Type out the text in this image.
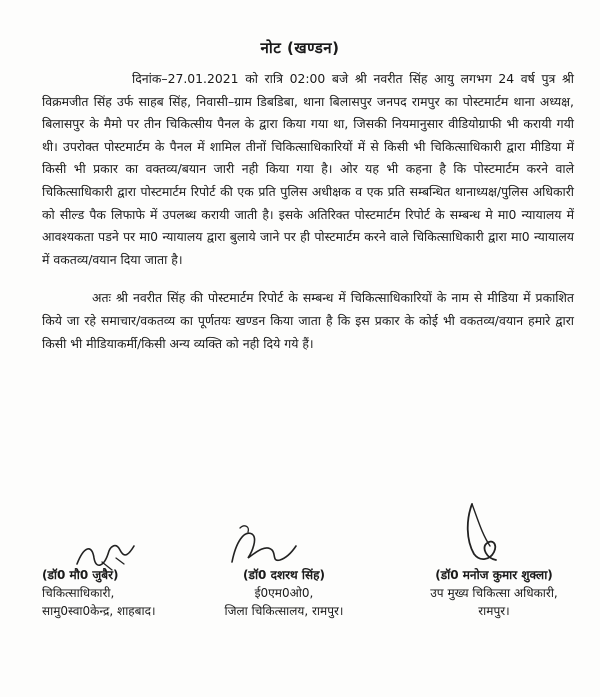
नोट (खण्डन)

दिनांक–27.01.2021 को रात्रि 02:00 बजे श्री नवरीत सिंह आयु लगभग 24 वर्ष पुत्र श्री विक्रमजीत सिंह उर्फ साहब सिंह, निवासी–ग्राम डिबडिबा, थाना बिलासपुर जनपद रामपुर का पोस्टमार्टम थाना अध्यक्ष, बिलासपुर के मैमो पर तीन चिकित्सीय पैनल के द्वारा किया गया था, जिसकी नियमानुसार वीडियोग्राफी भी करायी गयी थी। उपरोक्त पोस्टमार्टम के पैनल में शामिल तीनों चिकित्साधिकारियों में से किसी भी चिकित्साधिकारी द्वारा मीडिया में किसी भी प्रकार का वक्तव्य/बयान जारी नही किया गया है। ओर यह भी कहना है कि पोस्टमार्टम करने वाले चिकित्साधिकारी द्वारा पोस्टमार्टम रिपोर्ट की एक प्रति पुलिस अधीक्षक व एक प्रति सम्बन्धित थानाध्यक्ष/पुलिस अधिकारी को सील्ड पैक लिफाफे में उपलब्ध करायी जाती है। इसके अतिरिक्त पोस्टमार्टम रिपोर्ट के सम्बन्ध मे मा0 न्यायालय में आवश्यकता पडने पर मा0 न्यायालय द्वारा बुलाये जाने पर ही पोस्टमार्टम करने वाले चिकित्साधिकारी द्वारा मा0 न्यायालय में वकतव्य/वयान दिया जाता है।

अतः श्री नवरीत सिंह की पोस्टमार्टम रिपोर्ट के सम्बन्ध में चिकित्साधिकारियों के नाम से मीडिया में प्रकाशित किये जा रहे समाचार/वकतव्य का पूर्णतयः खण्डन किया जाता है कि इस प्रकार के कोई भी वकतव्य/वयान हमारे द्वारा किसी भी मीडियाकर्मी/किसी अन्य व्यक्ति को नही दिये गये हैं।

(डॉ0 मौ0 जुबैर)
चिकित्साधिकारी,
सामु0स्वा0केन्द्र, शाहबाद।
(डॉ0 दशरथ सिंह)
ई0एम0ओ0,
जिला चिकित्सालय, रामपुर।
(डॉ0 मनोज कुमार शुक्ला)
उप मुख्य चिकित्सा अधिकारी,
रामपुर।
